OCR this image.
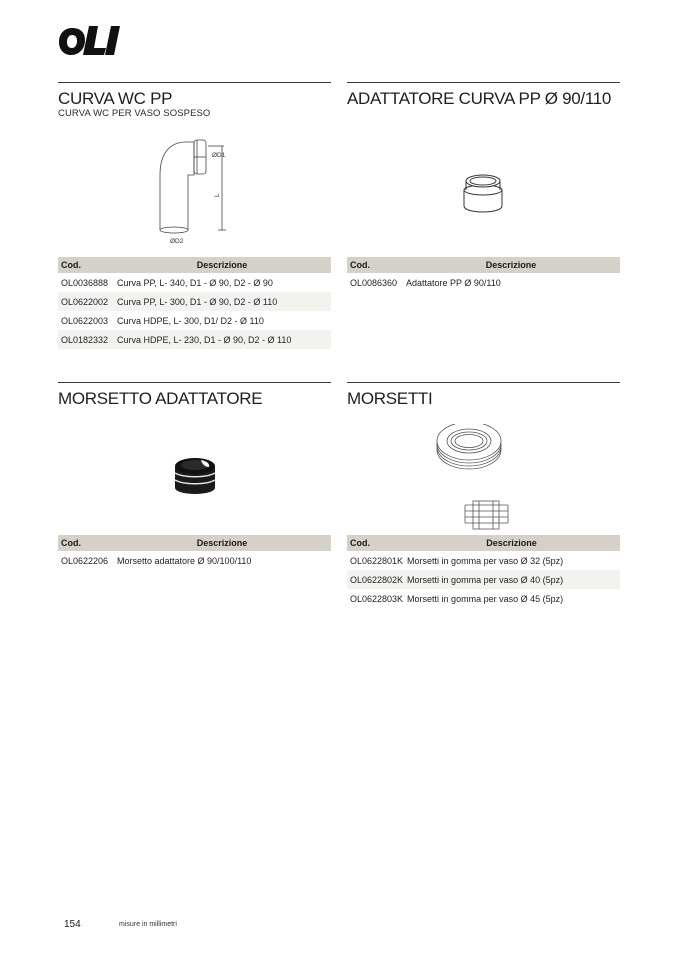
CURVA WC PP
CURVA WC PER VASO SOSPESO
ØD1
L
ØD2
Cod.	Descrizione
OL0036888	Curva PP, L- 340, D1 - Ø 90, D2 - Ø 90
OL0622002	Curva PP, L- 300, D1 - Ø 90, D2 - Ø 110
OL0622003	Curva HDPE, L- 300, D1/ D2 - Ø 110
OL0182332	Curva HDPE, L- 230, D1 - Ø 90, D2 - Ø 110
ADATTATORE CURVA PP Ø 90/110
Cod.	Descrizione
OL0086360	Adattatore PP Ø 90/110
MORSETTO ADATTATORE
Cod.	Descrizione
OL0622206	Morsetto adattatore Ø 90/100/110
MORSETTI
Cod.	Descrizione
OL0622801K	Morsetti in gomma per vaso Ø 32 (5pz)
OL0622802K	Morsetti in gomma per vaso Ø 40 (5pz)
OL0622803K	Morsetti in gomma per vaso Ø 45 (5pz)
154	misure in millimetri
